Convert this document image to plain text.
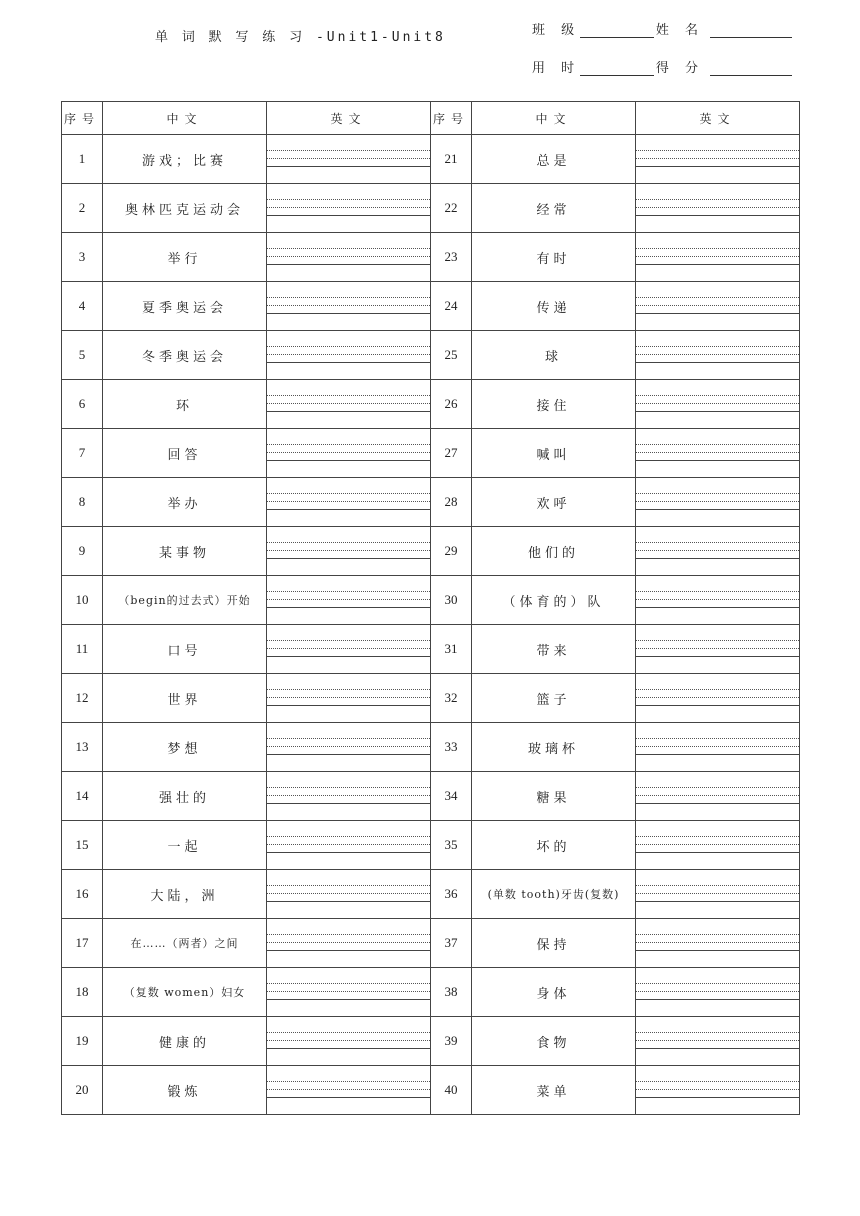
单 词 默 写 练 习 -Unit1-Unit8	班 级	姓 名
用 时	得 分
序号	中文	英文	序号	中文	英文
1	游戏；比赛		21	总是	

2	奥林匹克运动会		22	经常	

3	举行		23	有时	

4	夏季奥运会		24	传递	

5	冬季奥运会		25	球	

6	环		26	接住	

7	回答		27	喊叫	

8	举办		28	欢呼	

9	某事物		29	他们的	

10	（begin的过去式）开始		30	（体育的）队	

11	口号		31	带来	

12	世界		32	篮子	

13	梦想		33	玻璃杯	

14	强壮的		34	糖果	

15	一起		35	坏的	

16	大陆，洲		36	(单数 tooth)牙齿(复数)	

17	在……（两者）之间		37	保持	

18	（复数 women）妇女		38	身体	

19	健康的		39	食物	

20	锻炼		40	菜单	
